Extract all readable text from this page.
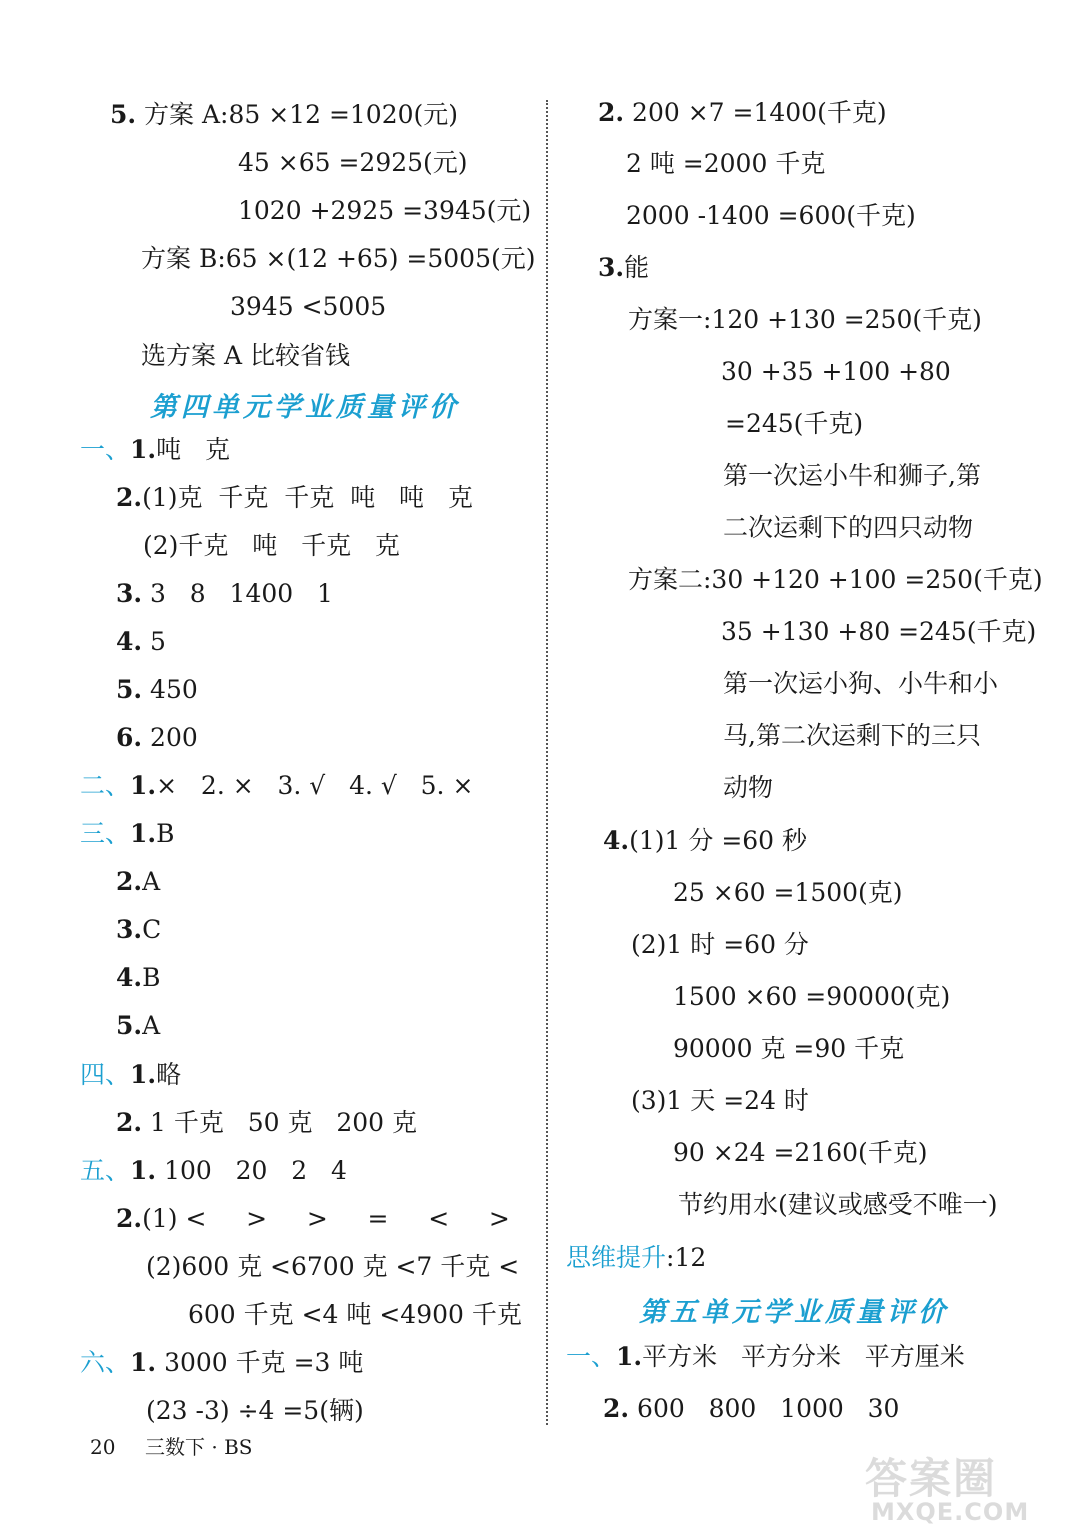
5. 方案 A:85 ×12 =1020(元)
45 ×65 =2925(元)
1020 +2925 =3945(元)
方案 B:65 ×(12 +65) =5005(元)
3945 <5005
选方案 A 比较省钱
第四单元学业质量评价
一、1.吨   克
2.(1)克  千克  千克  吨   吨   克
(2)千克   吨   千克   克
3. 3   8   1400   1
4. 5
5. 450
6. 200
二、1.×   2. ×   3. √   4. √   5. ×
三、1.B
2.A
3.C
4.B
5.A
四、1.略
2. 1 千克   50 克   200 克
五、1. 100   20   2   4
2.(1) <     >     >     =     <     >
(2)600 克 <6700 克 <7 千克 <
600 千克 <4 吨 <4900 千克
六、1. 3000 千克 =3 吨
(23 -3) ÷4 =5(辆)
2. 200 ×7 =1400(千克)
2 吨 =2000 千克
2000 -1400 =600(千克)
3.能
方案一:120 +130 =250(千克)
30 +35 +100 +80
=245(千克)
第一次运小牛和狮子,第
二次运剩下的四只动物
方案二:30 +120 +100 =250(千克)
35 +130 +80 =245(千克)
第一次运小狗、小牛和小
马,第二次运剩下的三只
动物
4.(1)1 分 =60 秒
25 ×60 =1500(克)
(2)1 时 =60 分
1500 ×60 =90000(克)
90000 克 =90 千克
(3)1 天 =24 时
90 ×24 =2160(千克)
节约用水(建议或感受不唯一)
思维提升:12
第五单元学业质量评价
一、1.平方米   平方分米   平方厘米
2. 600   800   1000   30
20 三数下 · BS
答案圈
MXQE.COM
